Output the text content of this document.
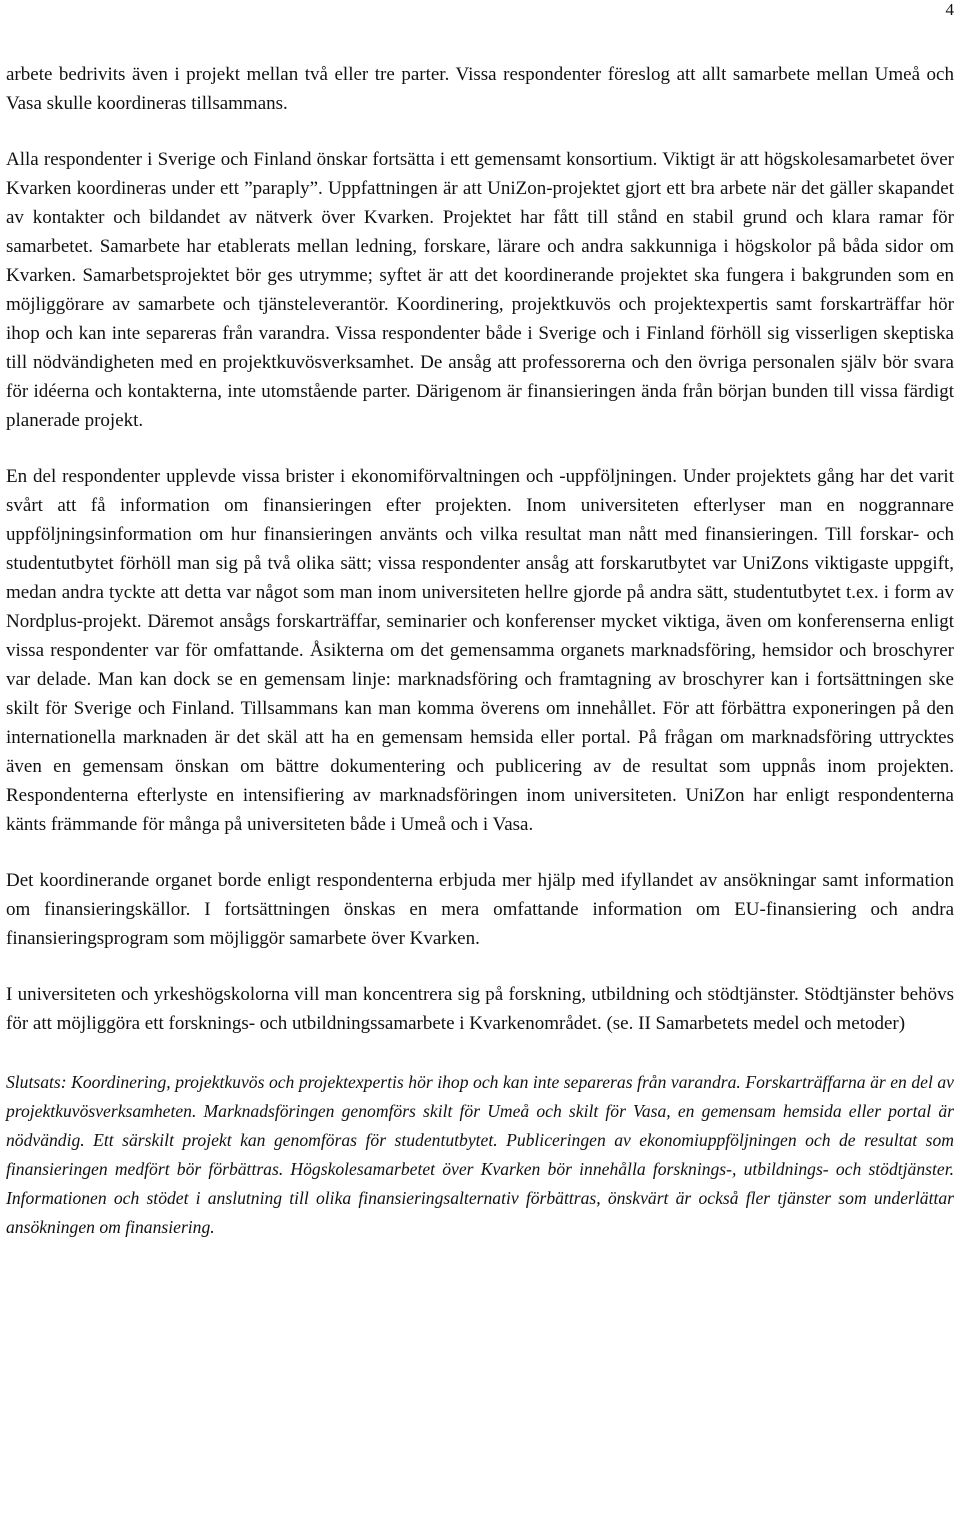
4

arbete bedrivits även i projekt mellan två eller tre parter. Vissa respondenter föreslog att allt samarbete mellan Umeå och Vasa skulle koordineras tillsammans.

Alla respondenter i Sverige och Finland önskar fortsätta i ett gemensamt konsortium. Viktigt är att högskolesamarbetet över Kvarken koordineras under ett ”paraply”. Uppfattningen är att UniZon-projektet gjort ett bra arbete när det gäller skapandet av kontakter och bildandet av nätverk över Kvarken. Projektet har fått till stånd en stabil grund och klara ramar för samarbetet. Samarbete har etablerats mellan ledning, forskare, lärare och andra sakkunniga i högskolor på båda sidor om Kvarken. Samarbetsprojektet bör ges utrymme; syftet är att det koordinerande projektet ska fungera i bakgrunden som en möjliggörare av samarbete och tjänsteleverantör. Koordinering, projektkuvös och projektexpertis samt forskarträffar hör ihop och kan inte separeras från varandra. Vissa respondenter både i Sverige och i Finland förhöll sig visserligen skeptiska till nödvändigheten med en projektkuvösverksamhet. De ansåg att professorerna och den övriga personalen själv bör svara för idéerna och kontakterna, inte utomstående parter. Därigenom är finansieringen ända från början bunden till vissa färdigt planerade projekt.

En del respondenter upplevde vissa brister i ekonomiförvaltningen och -uppföljningen. Under projektets gång har det varit svårt att få information om finansieringen efter projekten. Inom universiteten efterlyser man en noggrannare uppföljningsinformation om hur finansieringen använts och vilka resultat man nått med finansieringen. Till forskar- och studentutbytet förhöll man sig på två olika sätt; vissa respondenter ansåg att forskarutbytet var UniZons viktigaste uppgift, medan andra tyckte att detta var något som man inom universiteten hellre gjorde på andra sätt, studentutbytet t.ex. i form av Nordplus-projekt. Däremot ansågs forskarträffar, seminarier och konferenser mycket viktiga, även om konferenserna enligt vissa respondenter var för omfattande. Åsikterna om det gemensamma organets marknadsföring, hemsidor och broschyrer var delade. Man kan dock se en gemensam linje: marknadsföring och framtagning av broschyrer kan i fortsättningen ske skilt för Sverige och Finland. Tillsammans kan man komma överens om innehållet. För att förbättra exponeringen på den internationella marknaden är det skäl att ha en gemensam hemsida eller portal. På frågan om marknadsföring uttrycktes även en gemensam önskan om bättre dokumentering och publicering av de resultat som uppnås inom projekten. Respondenterna efterlyste en intensifiering av marknadsföringen inom universiteten. UniZon har enligt respondenterna känts främmande för många på universiteten både i Umeå och i Vasa.

Det koordinerande organet borde enligt respondenterna erbjuda mer hjälp med ifyllandet av ansökningar samt information om finansieringskällor. I fortsättningen önskas en mera omfattande information om EU-finansiering och andra finansieringsprogram som möjliggör samarbete över Kvarken.

I universiteten och yrkeshögskolorna vill man koncentrera sig på forskning, utbildning och stödtjänster. Stödtjänster behövs för att möjliggöra ett forsknings- och utbildningssamarbete i Kvarkenområdet. (se. II Samarbetets medel och metoder)

Slutsats: Koordinering, projektkuvös och projektexpertis hör ihop och kan inte separeras från varandra. Forskarträffarna är en del av projektkuvösverksamheten. Marknadsföringen genomförs skilt för Umeå och skilt för Vasa, en gemensam hemsida eller portal är nödvändig. Ett särskilt projekt kan genomföras för studentutbytet. Publiceringen av ekonomiuppföljningen och de resultat som finansieringen medfört bör förbättras. Högskolesamarbetet över Kvarken bör innehålla forsknings-, utbildnings- och stödtjänster. Informationen och stödet i anslutning till olika finansieringsalternativ förbättras, önskvärt är också fler tjänster som underlättar ansökningen om finansiering.
